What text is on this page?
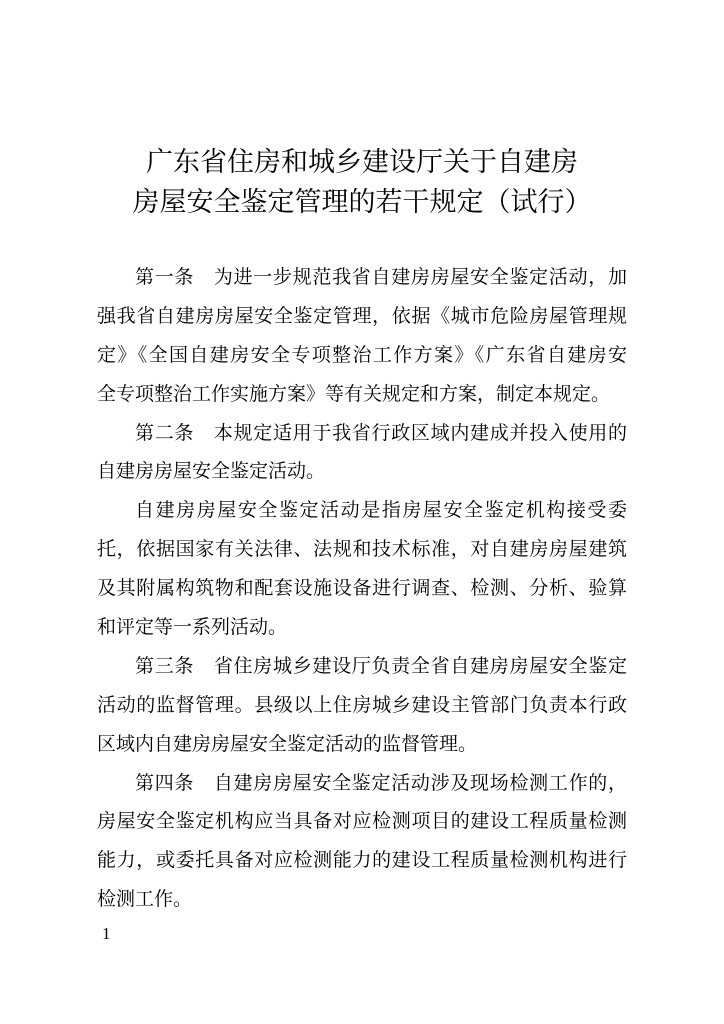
广东省住房和城乡建设厅关于自建房
房屋安全鉴定管理的若干规定（试行）
第一条　为进一步规范我省自建房房屋安全鉴定活动，加
强我省自建房房屋安全鉴定管理，依据《城市危险房屋管理规
定》《全国自建房安全专项整治工作方案》《广东省自建房安
全专项整治工作实施方案》等有关规定和方案，制定本规定。
第二条　本规定适用于我省行政区域内建成并投入使用的
自建房房屋安全鉴定活动。
自建房房屋安全鉴定活动是指房屋安全鉴定机构接受委
托，依据国家有关法律、法规和技术标准，对自建房房屋建筑
及其附属构筑物和配套设施设备进行调查、检测、分析、验算
和评定等一系列活动。
第三条　省住房城乡建设厅负责全省自建房房屋安全鉴定
活动的监督管理。县级以上住房城乡建设主管部门负责本行政
区域内自建房房屋安全鉴定活动的监督管理。
第四条　自建房房屋安全鉴定活动涉及现场检测工作的，
房屋安全鉴定机构应当具备对应检测项目的建设工程质量检测
能力，或委托具备对应检测能力的建设工程质量检测机构进行
检测工作。
1
